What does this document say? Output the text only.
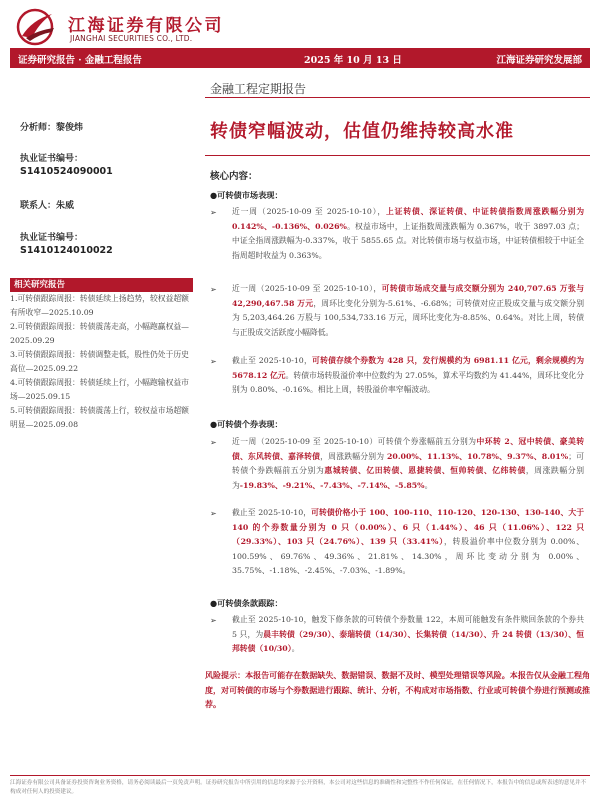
江海证券有限公司
JIANGHAI SECURITIES CO., LTD.
证券研究报告 · 金融工程报告	2025 年 10 月 13 日	江海证券研究发展部
金融工程定期报告
分析师：黎俊炜
执业证书编号：
S1410524090001
联系人：朱威
执业证书编号：
S1410124010022
相关研究报告
1.可转债跟踪周报：转债延续上扬趋势，较权益超额有所收窄—2025.10.09
2.可转债跟踪周报：转债震荡走高，小幅跑赢权益—2025.09.29
3.可转债跟踪周报：转债调整走低，股性仍处于历史高位—2025.09.22
4.可转债跟踪周报：转债延续上行，小幅跑输权益市场—2025.09.15
5.可转债跟踪周报：转债震荡上行，较权益市场超额明显—2025.09.08
转债窄幅波动，估值仍维持较高水准
核心内容：
●可转债市场表现：
➢ 近一周（2025-10-09 至 2025-10-10），上证转债、深证转债、中证转债指数周涨跌幅分别为 0.142%、-0.136%、0.026%。权益市场中，上证指数周涨跌幅为 0.367%，收于 3897.03 点；中证全指周涨跌幅为-0.337%，收于 5855.65 点。对比转债市场与权益市场，中证转债相较于中证全指周超时收益为 0.363%。
➢ 近一周（2025-10-09 至 2025-10-10），可转债市场成交量与成交额分别为 240,707.65 万张与 42,290,467.58 万元，周环比变化分别为-5.61%、-6.68%；可转债对应正股成交量与成交额分别为 5,203,464.26 万股与 100,534,733.16 万元，周环比变化为-8.85%、0.64%。对比上周，转债与正股成交活跃度小幅降低。
➢ 截止至 2025-10-10，可转债存续个券数为 428 只，发行规模约为 6981.11 亿元，剩余规模约为 5678.12 亿元。转债市场转股溢价率中位数约为 27.05%，算术平均数约为 41.44%，周环比变化分别为 0.80%、-0.16%。相比上周，转股溢价率窄幅波动。
●可转债个券表现：
➢ 近一周（2025-10-09 至 2025-10-10）可转债个券涨幅前五分别为中环转 2、冠中转债、豪美转债、东风转债、嘉泽转债，周涨跌幅分别为 20.00%、11.13%、10.78%、9.37%、8.01%；可转债个券跌幅前五分别为惠城转债、亿田转债、恩捷转债、恒帅转债、亿纬转债，周涨跌幅分别为-19.83%、-9.21%、-7.43%、-7.14%、-5.85%。
➢ 截止至 2025-10-10，可转债价格小于 100、100-110、110-120、120-130、130-140、大于 140 的个券数量分别为 0 只（0.00%）、6 只（1.44%）、46 只（11.06%）、122 只（29.33%）、103 只（24.76%）、139 只（33.41%），转股溢价率中位数分别为 0.00%、100.59%、69.76%、49.36%、21.81%、14.30%，周环比变动分别为 0.00%、35.75%、-1.18%、-2.45%、-7.03%、-1.89%。
●可转债条款跟踪：
➢ 截止至 2025-10-10，触发下修条款的可转债个券数量 122，本周可能触发有条件赎回条款的个券共 5 只，为晨丰转债（29/30）、泰瑞转债（14/30）、长集转债（14/30）、升 24 转债（13/30）、恒邦转债（10/30）。
风险提示：本报告可能存在数据缺失、数据错误、数据不及时、模型处理错误等风险。本报告仅从金融工程角度，对可转债的市场与个券数据进行跟踪、统计、分析，不构成对市场指数、行业或可转债个券进行预测或推荐。
江海证券有限公司具备证券投资咨询业务资格，请务必阅读最后一页免责声明。证券研究报告中所引用的信息均来源于公开资料，本公司对这些信息的准确性和完整性不作任何保证，在任何情况下，本报告中的信息或所表述的意见并不构成对任何人的投资建议。
